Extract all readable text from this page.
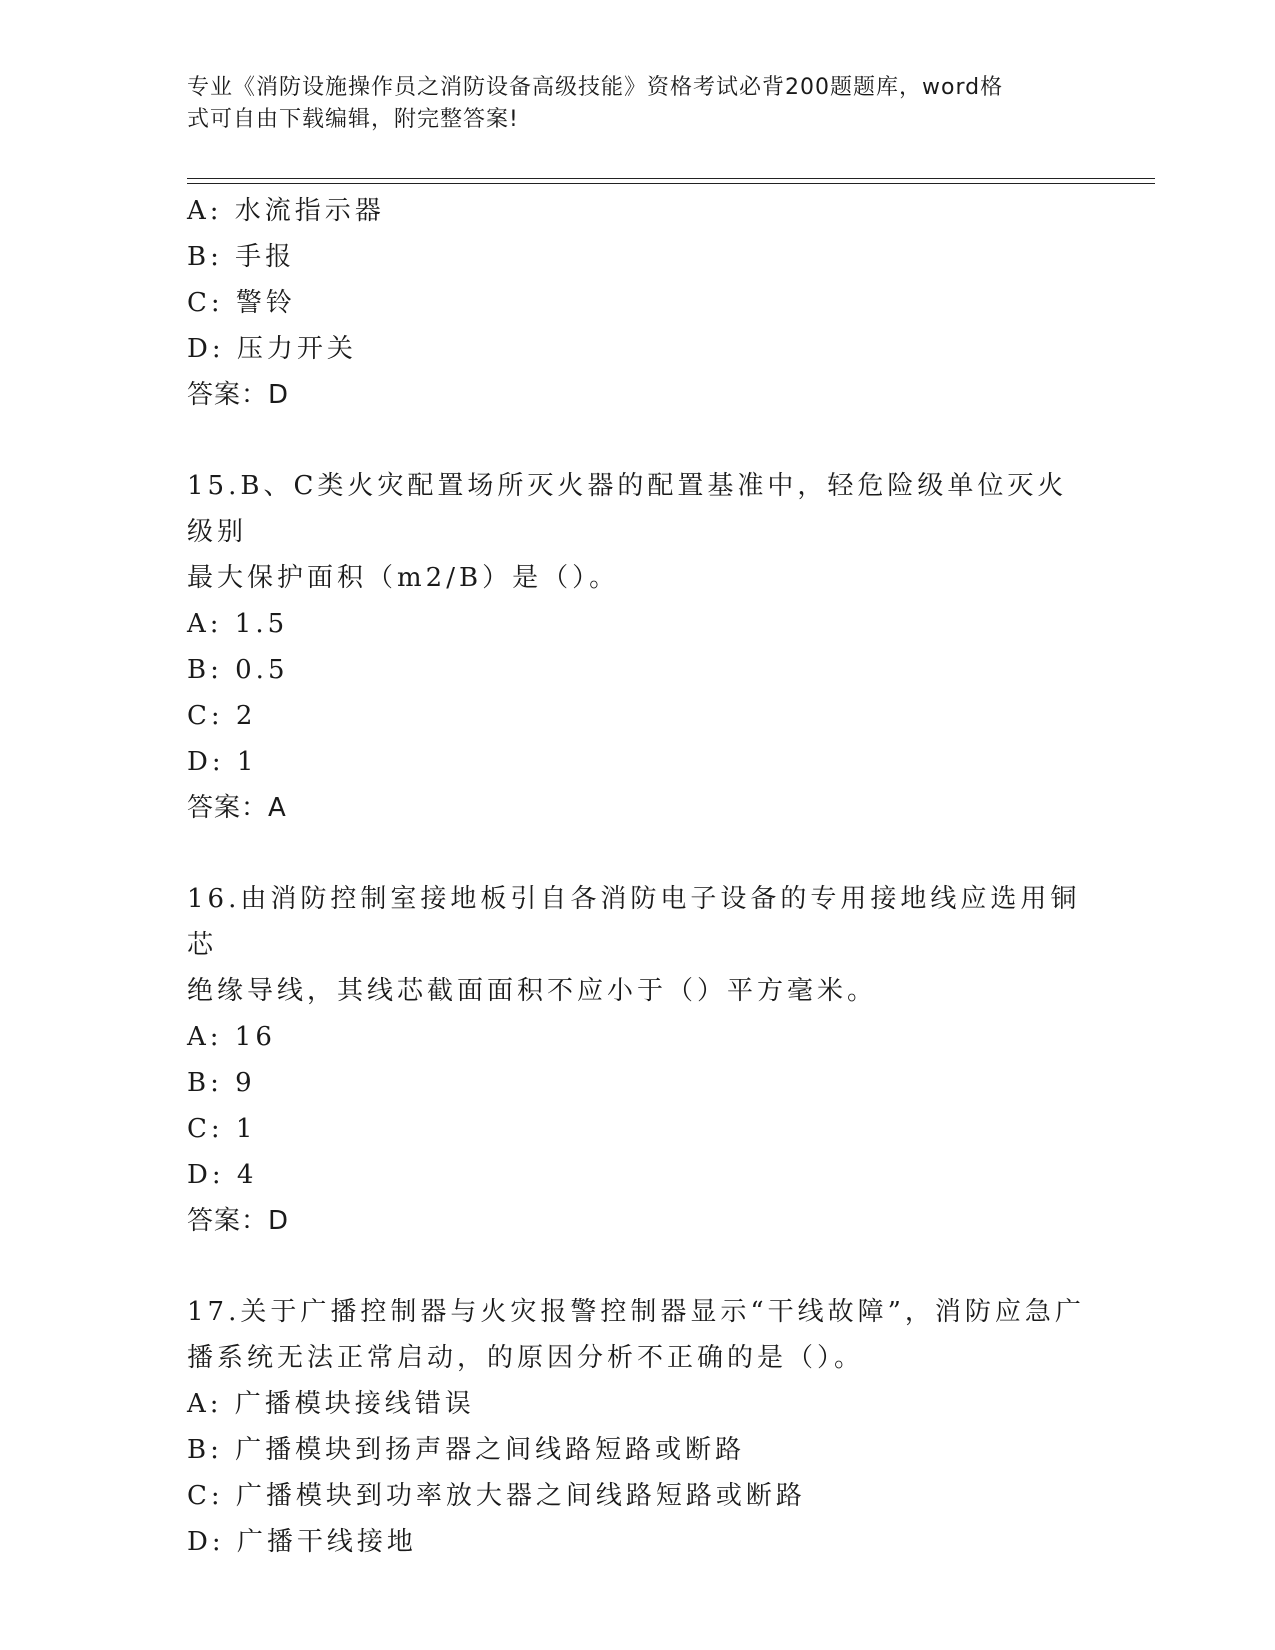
专业《消防设施操作员之消防设备高级技能》资格考试必背200题题库，word格
式可自由下载编辑，附完整答案!
A: 水流指示器
B: 手报
C: 警铃
D: 压力开关
答案：D
15.B、C类火灾配置场所灭火器的配置基准中，轻危险级单位灭火级别
最大保护面积（m2/B）是（）。
A: 1.5
B: 0.5
C: 2
D: 1
答案：A
16.由消防控制室接地板引自各消防电子设备的专用接地线应选用铜芯
绝缘导线，其线芯截面面积不应小于（）平方毫米。
A: 16
B: 9
C: 1
D: 4
答案：D
17.关于广播控制器与火灾报警控制器显示“干线故障”，消防应急广
播系统无法正常启动，的原因分析不正确的是（）。
A: 广播模块接线错误
B: 广播模块到扬声器之间线路短路或断路
C: 广播模块到功率放大器之间线路短路或断路
D: 广播干线接地
